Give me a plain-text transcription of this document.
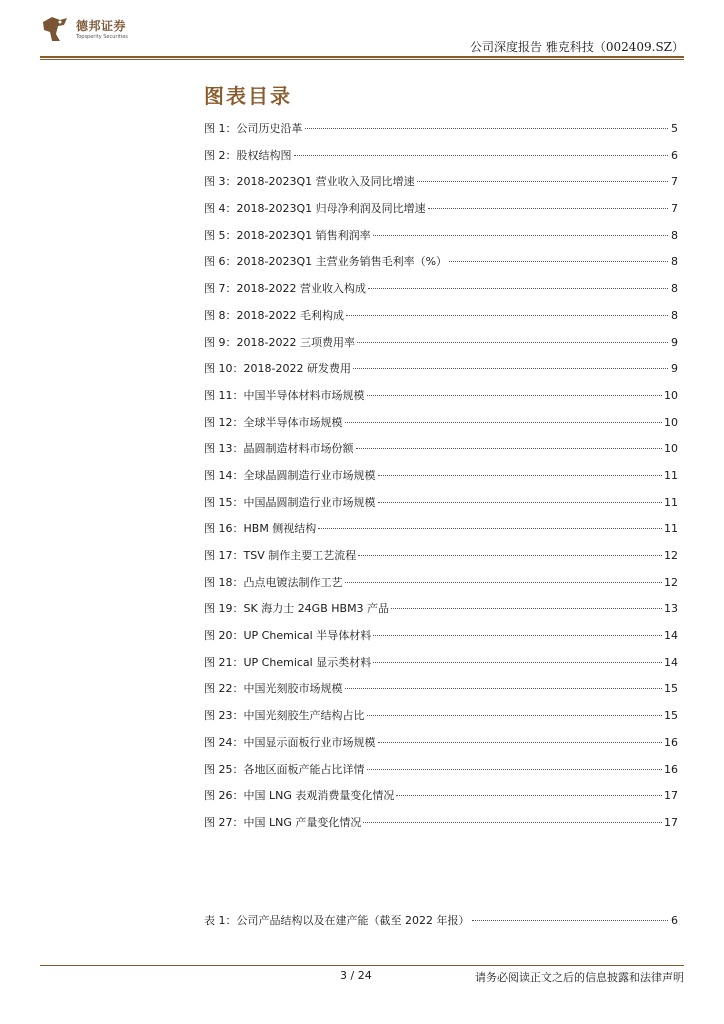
德邦证券
Topsperity Securities
公司深度报告 雅克科技（002409.SZ）
图表目录
图 1： 公司历史沿革	5
图 2： 股权结构图	6
图 3： 2018-2023Q1 营业收入及同比增速	7
图 4： 2018-2023Q1 归母净利润及同比增速	7
图 5： 2018-2023Q1 销售利润率	8
图 6： 2018-2023Q1 主营业务销售毛利率（%）	8
图 7： 2018-2022 营业收入构成	8
图 8： 2018-2022 毛利构成	8
图 9： 2018-2022 三项费用率	9
图 10： 2018-2022 研发费用	9
图 11： 中国半导体材料市场规模	10
图 12： 全球半导体市场规模	10
图 13： 晶圆制造材料市场份额	10
图 14： 全球晶圆制造行业市场规模	11
图 15： 中国晶圆制造行业市场规模	11
图 16： HBM 侧视结构	11
图 17： TSV 制作主要工艺流程	12
图 18： 凸点电镀法制作工艺	12
图 19： SK 海力士 24GB HBM3 产品	13
图 20： UP Chemical 半导体材料	14
图 21： UP Chemical 显示类材料	14
图 22： 中国光刻胶市场规模	15
图 23： 中国光刻胶生产结构占比	15
图 24： 中国显示面板行业市场规模	16
图 25： 各地区面板产能占比详情	16
图 26： 中国 LNG 表观消费量变化情况	17
图 27： 中国 LNG 产量变化情况	17
表 1： 公司产品结构以及在建产能（截至 2022 年报）	6
3 / 24	请务必阅读正文之后的信息披露和法律声明
